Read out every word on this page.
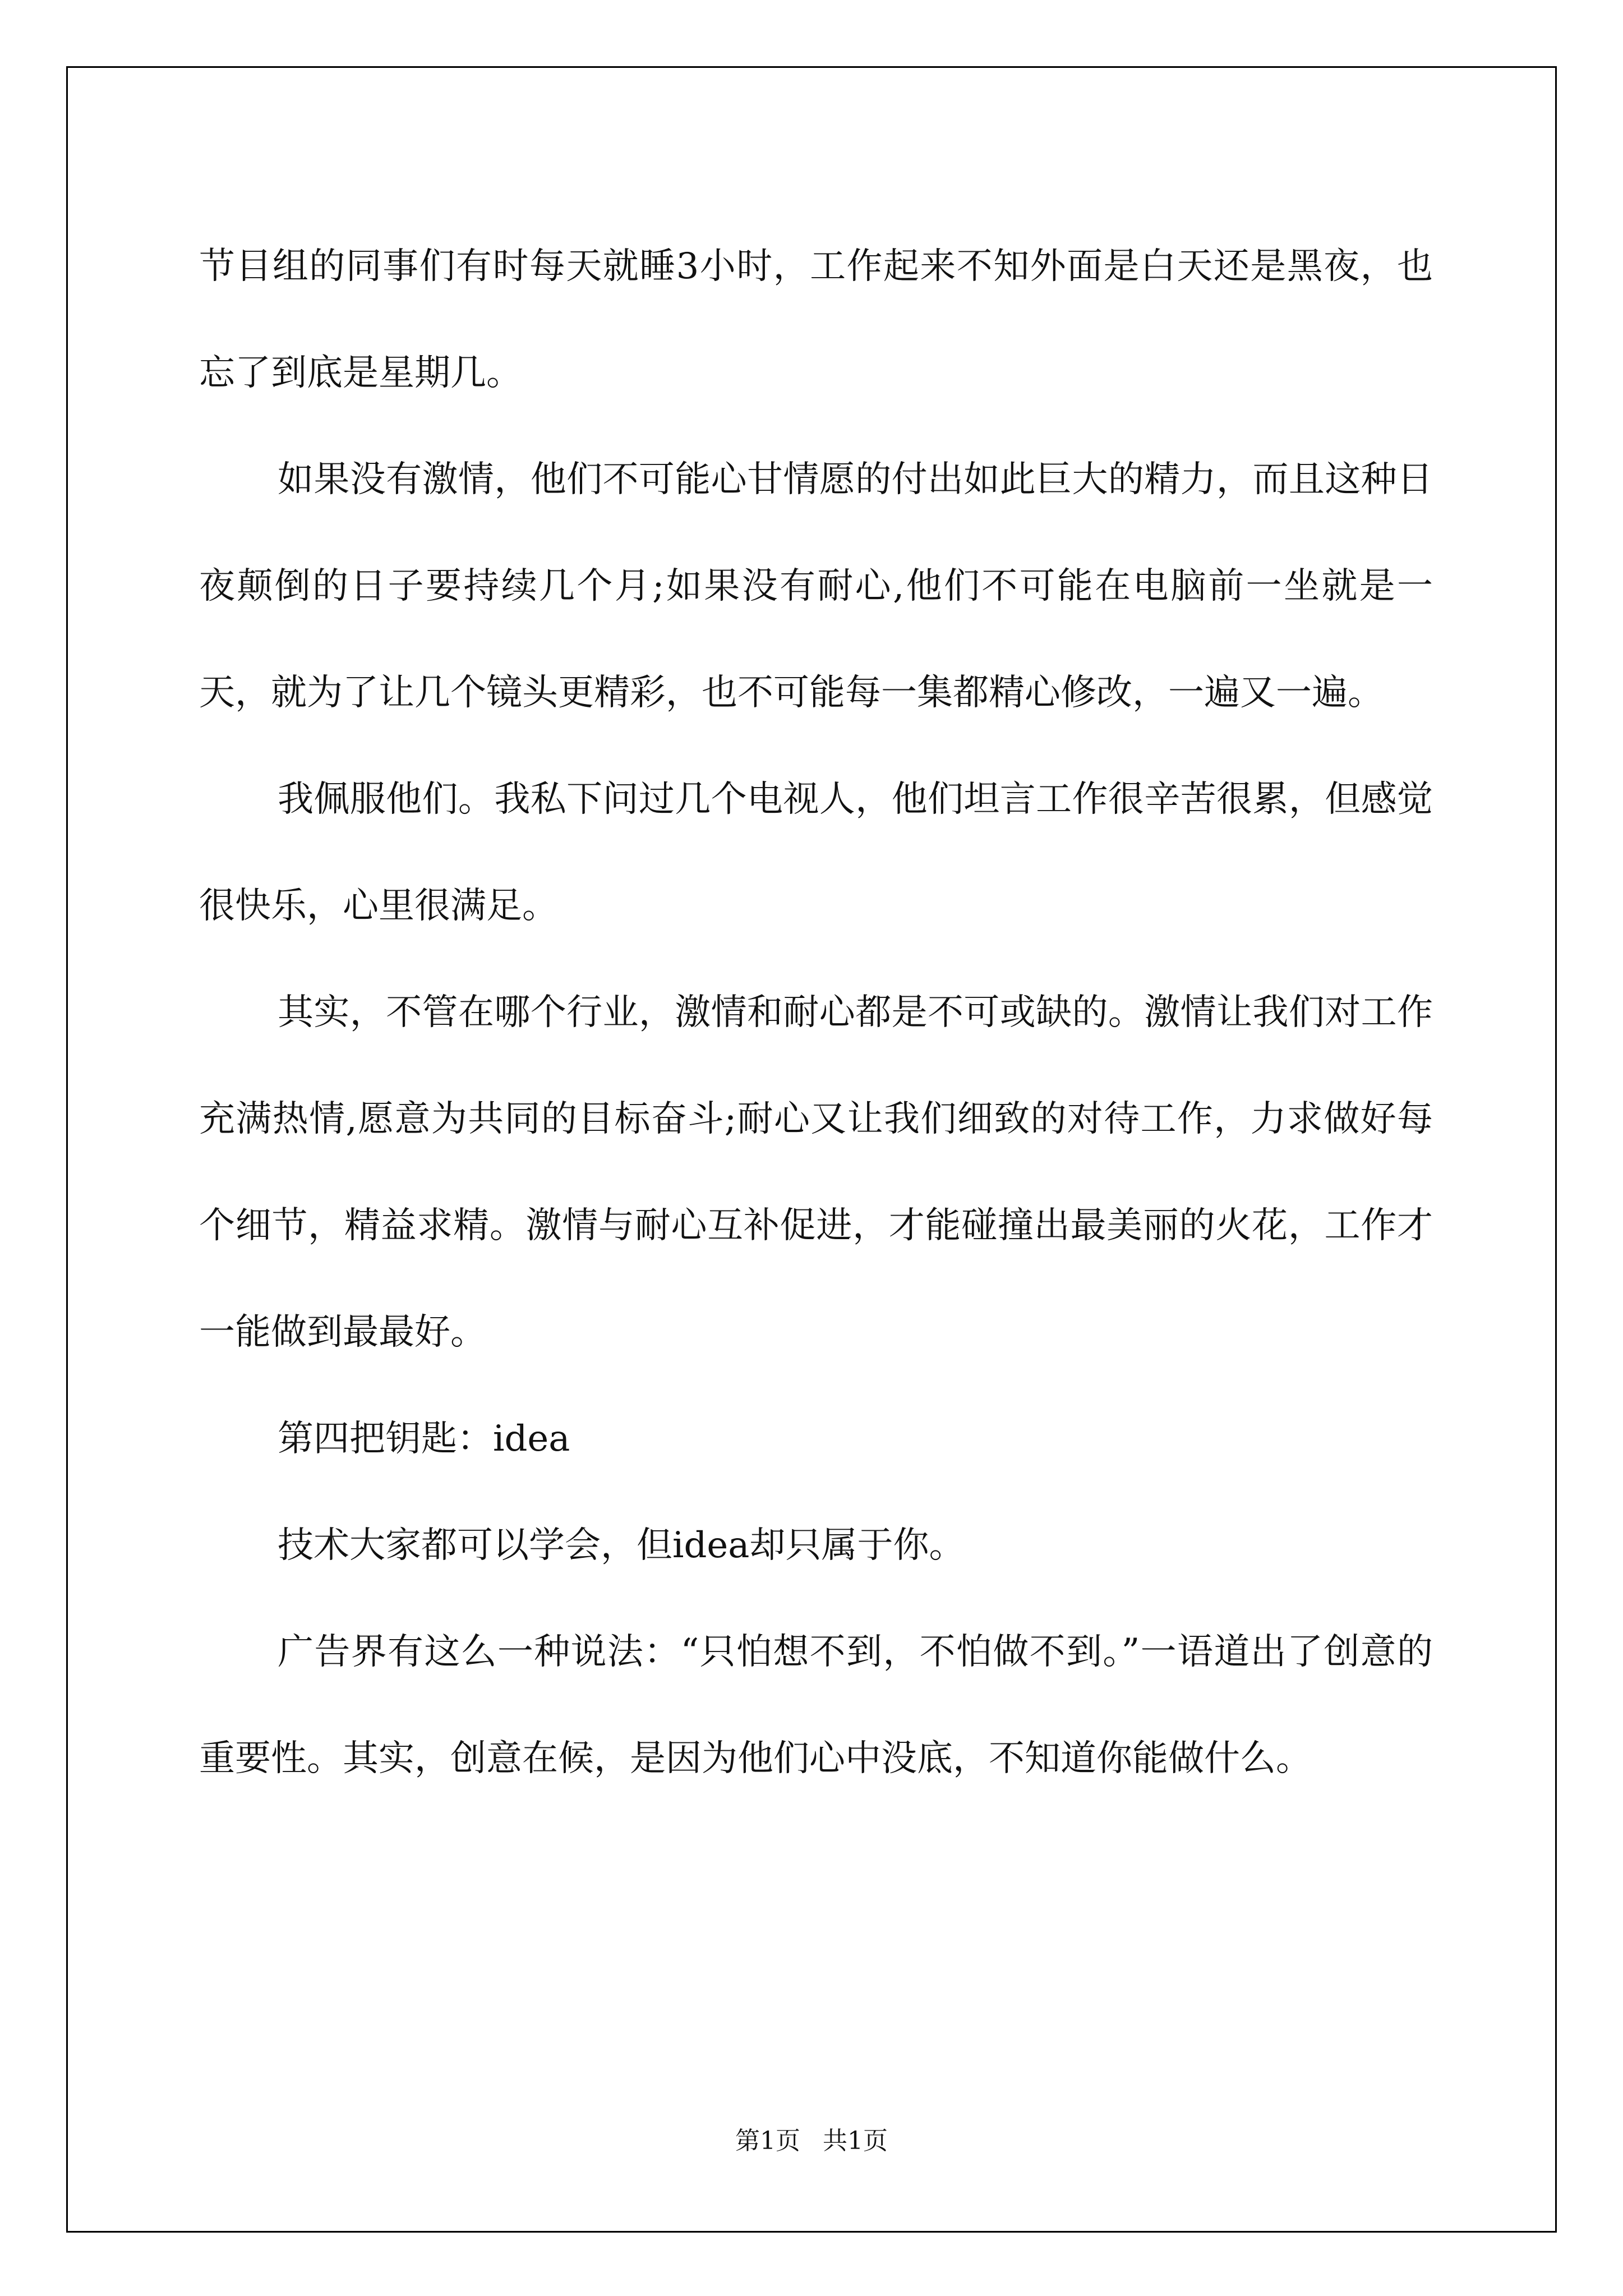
节目组的同事们有时每天就睡3小时，工作起来不知外面是白天还是黑夜，也忘了到底是星期几。

如果没有激情，他们不可能心甘情愿的付出如此巨大的精力，而且这种日夜颠倒的日子要持续几个月;如果没有耐心,他们不可能在电脑前一坐就是一天，就为了让几个镜头更精彩，也不可能每一集都精心修改，一遍又一遍。

我佩服他们。我私下问过几个电视人，他们坦言工作很辛苦很累，但感觉很快乐，心里很满足。

其实，不管在哪个行业，激情和耐心都是不可或缺的。激情让我们对工作充满热情,愿意为共同的目标奋斗;耐心又让我们细致的对待工作，力求做好每个细节，精益求精。激情与耐心互补促进，才能碰撞出最美丽的火花，工作才一能做到最最好。

第四把钥匙：idea

技术大家都可以学会，但idea却只属于你。

广告界有这么一种说法：“只怕想不到，不怕做不到。”一语道出了创意的重要性。其实，创意在候，是因为他们心中没底，不知道你能做什么。

第1页 共1页
